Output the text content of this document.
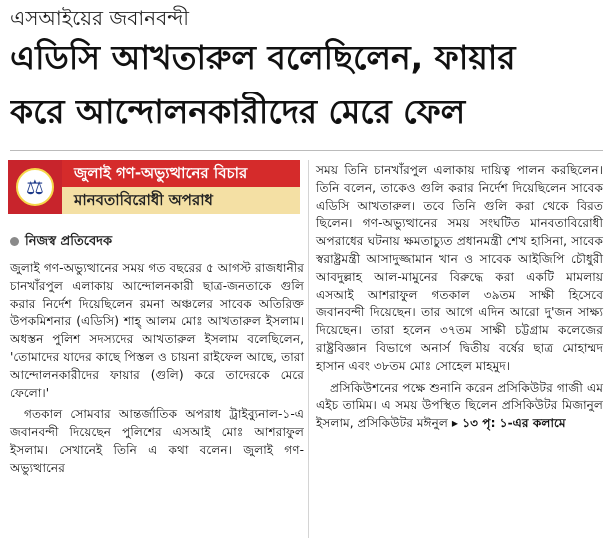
এসআইয়ের জবানবন্দী
এডিসি আখতারুল বলেছিলেন, ফায়ার
করে আন্দোলনকারীদের মেরে ফেল
⚖
জুলাই গণ-অভ্যুত্থানের বিচার
মানবতাবিরোধী অপরাধ
নিজস্ব প্রতিবেদক

জুলাই গণ-অভ্যুত্থানের সময় গত বছরের ৫ আগস্ট রাজধানীর চানখাঁরপুল এলাকায় আন্দোলনকারী ছাত্র-জনতাকে গুলি করার নির্দেশ দিয়েছিলেন রমনা অঞ্চলের সাবেক অতিরিক্ত উপকমিশনার (এডিসি) শাহ্ আলম মোঃ আখতারুল ইসলাম। অধস্তন পুলিশ সদস্যদের আখতারুল ইসলাম বলেছিলেন, 'তোমাদের যাদের কাছে পিস্তল ও চায়না রাইফেল আছে, তারা আন্দোলনকারীদের ফায়ার (গুলি) করে তাদেরকে মেরে ফেলো।'

গতকাল সোমবার আন্তর্জাতিক অপরাধ ট্রাইব্যুনাল-১-এ জবানবন্দী দিয়েছেন পুলিশের এসআই মোঃ আশরাফুল ইসলাম। সেখানেই তিনি এ কথা বলেন। জুলাই গণ-অভ্যুত্থানের

সময় তিনি চানখাঁরপুল এলাকায় দায়িত্ব পালন করছিলেন। তিনি বলেন, তাকেও গুলি করার নির্দেশ দিয়েছিলেন সাবেক এডিসি আখতারুল। তবে তিনি গুলি করা থেকে বিরত ছিলেন। গণ-অভ্যুত্থানের সময় সংঘটিত মানবতাবিরোধী অপরাধের ঘটনায় ক্ষমতাচ্যুত প্রধানমন্ত্রী শেখ হাসিনা, সাবেক স্বরাষ্ট্রমন্ত্রী আসাদুজ্জামান খান ও সাবেক আইজিপি চৌধুরী আবদুল্লাহ আল-মামুনের বিরুদ্ধে করা একটি মামলায় এসআই আশরাফুল গতকাল ৩৯তম সাক্ষী হিসেবে জবানবন্দী দিয়েছেন। তার আগে এদিন আরো দু'জন সাক্ষ্য দিয়েছেন। তারা হলেন ৩৭তম সাক্ষী চট্টগ্রাম কলেজের রাষ্ট্রবিজ্ঞান বিভাগে অনার্স দ্বিতীয় বর্ষের ছাত্র মোহাম্মদ হাসান এবং ৩৮তম মোঃ সোহেল মাহমুদ।

প্রসিকিউশনের পক্ষে শুনানি করেন প্রসিকিউটর গাজী এম এইচ তামিম। এ সময় উপস্থিত ছিলেন প্রসিকিউটর মিজানুল ইসলাম, প্রসিকিউটর মঈনুল ▸ ১৩ পৃ: ১-এর কলামে
